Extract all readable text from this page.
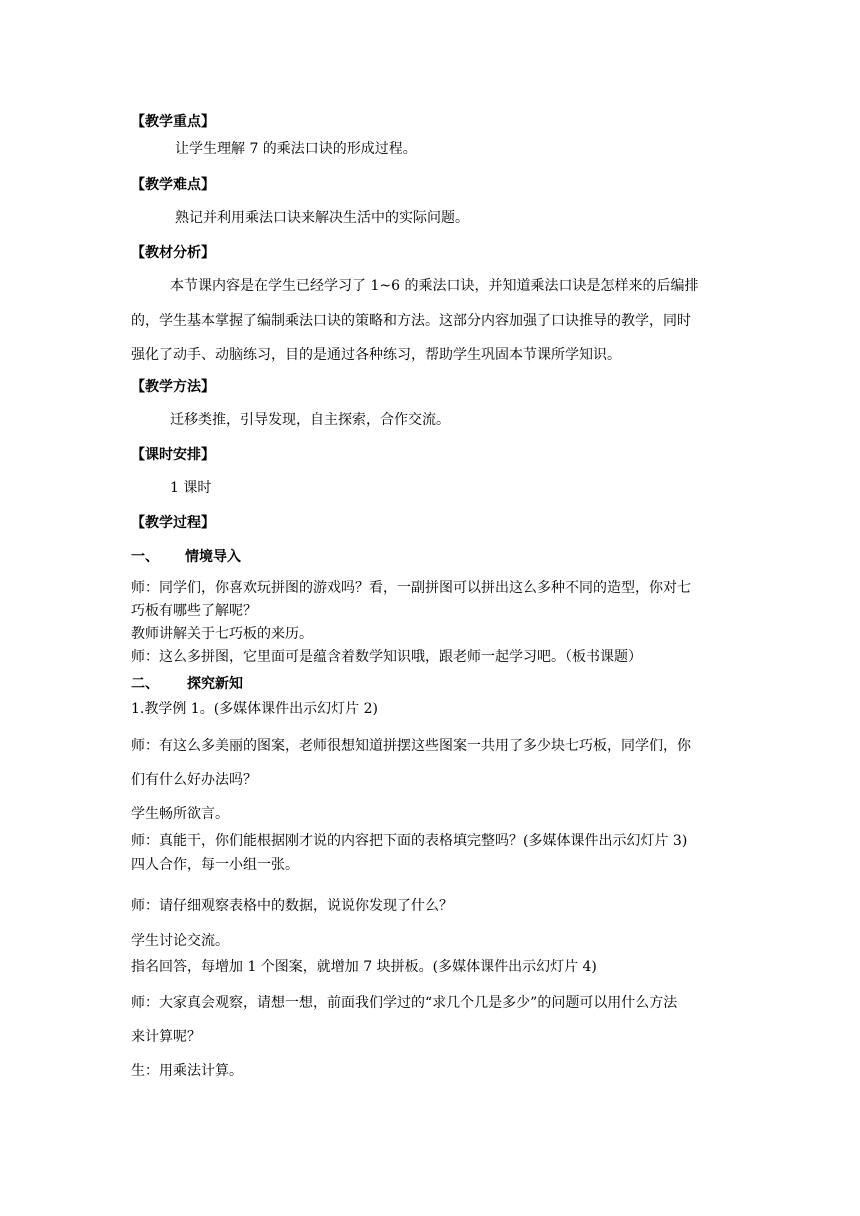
【教学重点】
让学生理解 7 的乘法口诀的形成过程。
【教学难点】
熟记并利用乘法口诀来解决生活中的实际问题。
【教材分析】
本节课内容是在学生已经学习了 1~6 的乘法口诀，并知道乘法口诀是怎样来的后编排
的，学生基本掌握了编制乘法口诀的策略和方法。这部分内容加强了口诀推导的教学，同时
强化了动手、动脑练习，目的是通过各种练习，帮助学生巩固本节课所学知识。
【教学方法】
迁移类推，引导发现，自主探索，合作交流。
【课时安排】
1 课时
【教学过程】
一、 情境导入
师：同学们，你喜欢玩拼图的游戏吗？看，一副拼图可以拼出这么多种不同的造型，你对七
巧板有哪些了解呢？
教师讲解关于七巧板的来历。
师：这么多拼图，它里面可是蕴含着数学知识哦，跟老师一起学习吧。（板书课题）
二、 探究新知
1.教学例 1。(多媒体课件出示幻灯片 2)
师：有这么多美丽的图案，老师很想知道拼摆这些图案一共用了多少块七巧板，同学们，你
们有什么好办法吗？
学生畅所欲言。
师：真能干，你们能根据刚才说的内容把下面的表格填完整吗？(多媒体课件出示幻灯片 3)
四人合作，每一小组一张。
师：请仔细观察表格中的数据，说说你发现了什么？
学生讨论交流。
指名回答，每增加 1 个图案，就增加 7 块拼板。(多媒体课件出示幻灯片 4)
师：大家真会观察，请想一想，前面我们学过的“求几个几是多少”的问题可以用什么方法
来计算呢？
生：用乘法计算。
